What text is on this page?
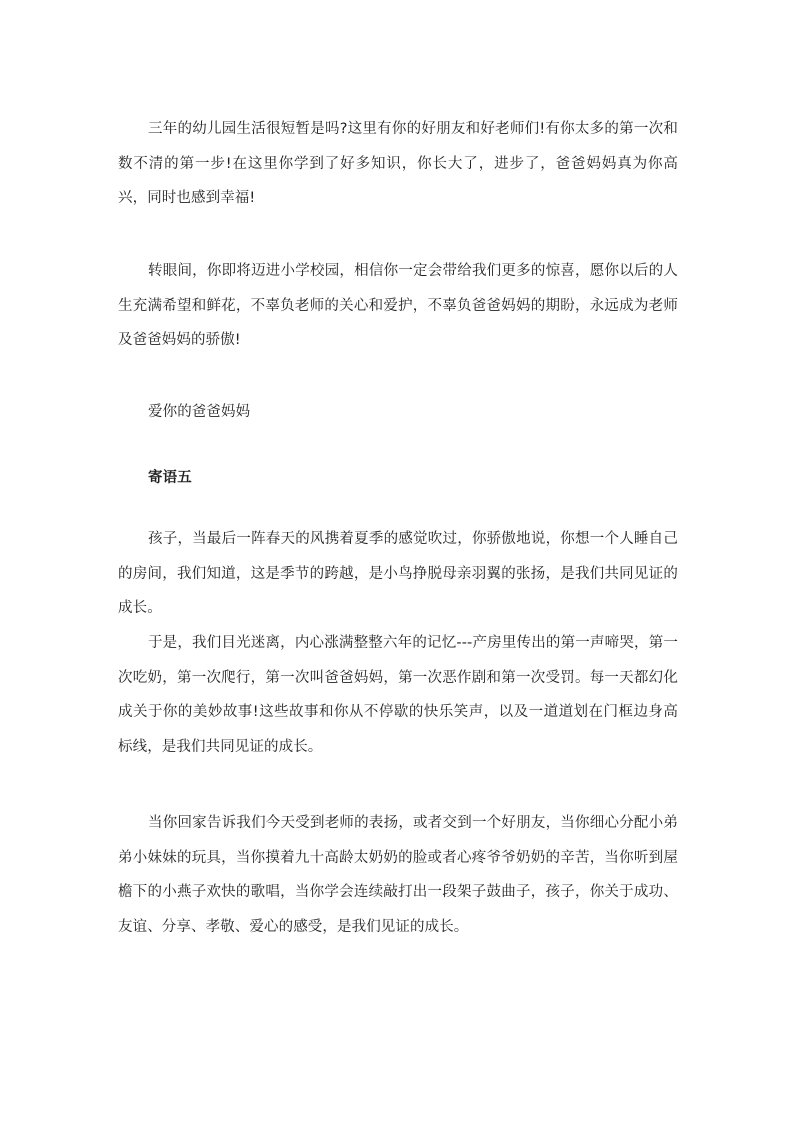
三年的幼儿园生活很短暂是吗?这里有你的好朋友和好老师们!有你太多的第一次和数不清的第一步!在这里你学到了好多知识，你长大了，进步了，爸爸妈妈真为你高兴，同时也感到幸福!

转眼间，你即将迈进小学校园，相信你一定会带给我们更多的惊喜，愿你以后的人生充满希望和鲜花，不辜负老师的关心和爱护，不辜负爸爸妈妈的期盼，永远成为老师及爸爸妈妈的骄傲!

爱你的爸爸妈妈

寄语五

孩子，当最后一阵春天的风携着夏季的感觉吹过，你骄傲地说，你想一个人睡自己的房间，我们知道，这是季节的跨越，是小鸟挣脱母亲羽翼的张扬，是我们共同见证的成长。

于是，我们目光迷离，内心涨满整整六年的记忆---产房里传出的第一声啼哭，第一次吃奶，第一次爬行，第一次叫爸爸妈妈，第一次恶作剧和第一次受罚。每一天都幻化成关于你的美妙故事!这些故事和你从不停歇的快乐笑声，以及一道道划在门框边身高标线，是我们共同见证的成长。

当你回家告诉我们今天受到老师的表扬，或者交到一个好朋友，当你细心分配小弟弟小妹妹的玩具，当你摸着九十高龄太奶奶的脸或者心疼爷爷奶奶的辛苦，当你听到屋檐下的小燕子欢快的歌唱，当你学会连续敲打出一段架子鼓曲子，孩子，你关于成功、友谊、分享、孝敬、爱心的感受，是我们见证的成长。
